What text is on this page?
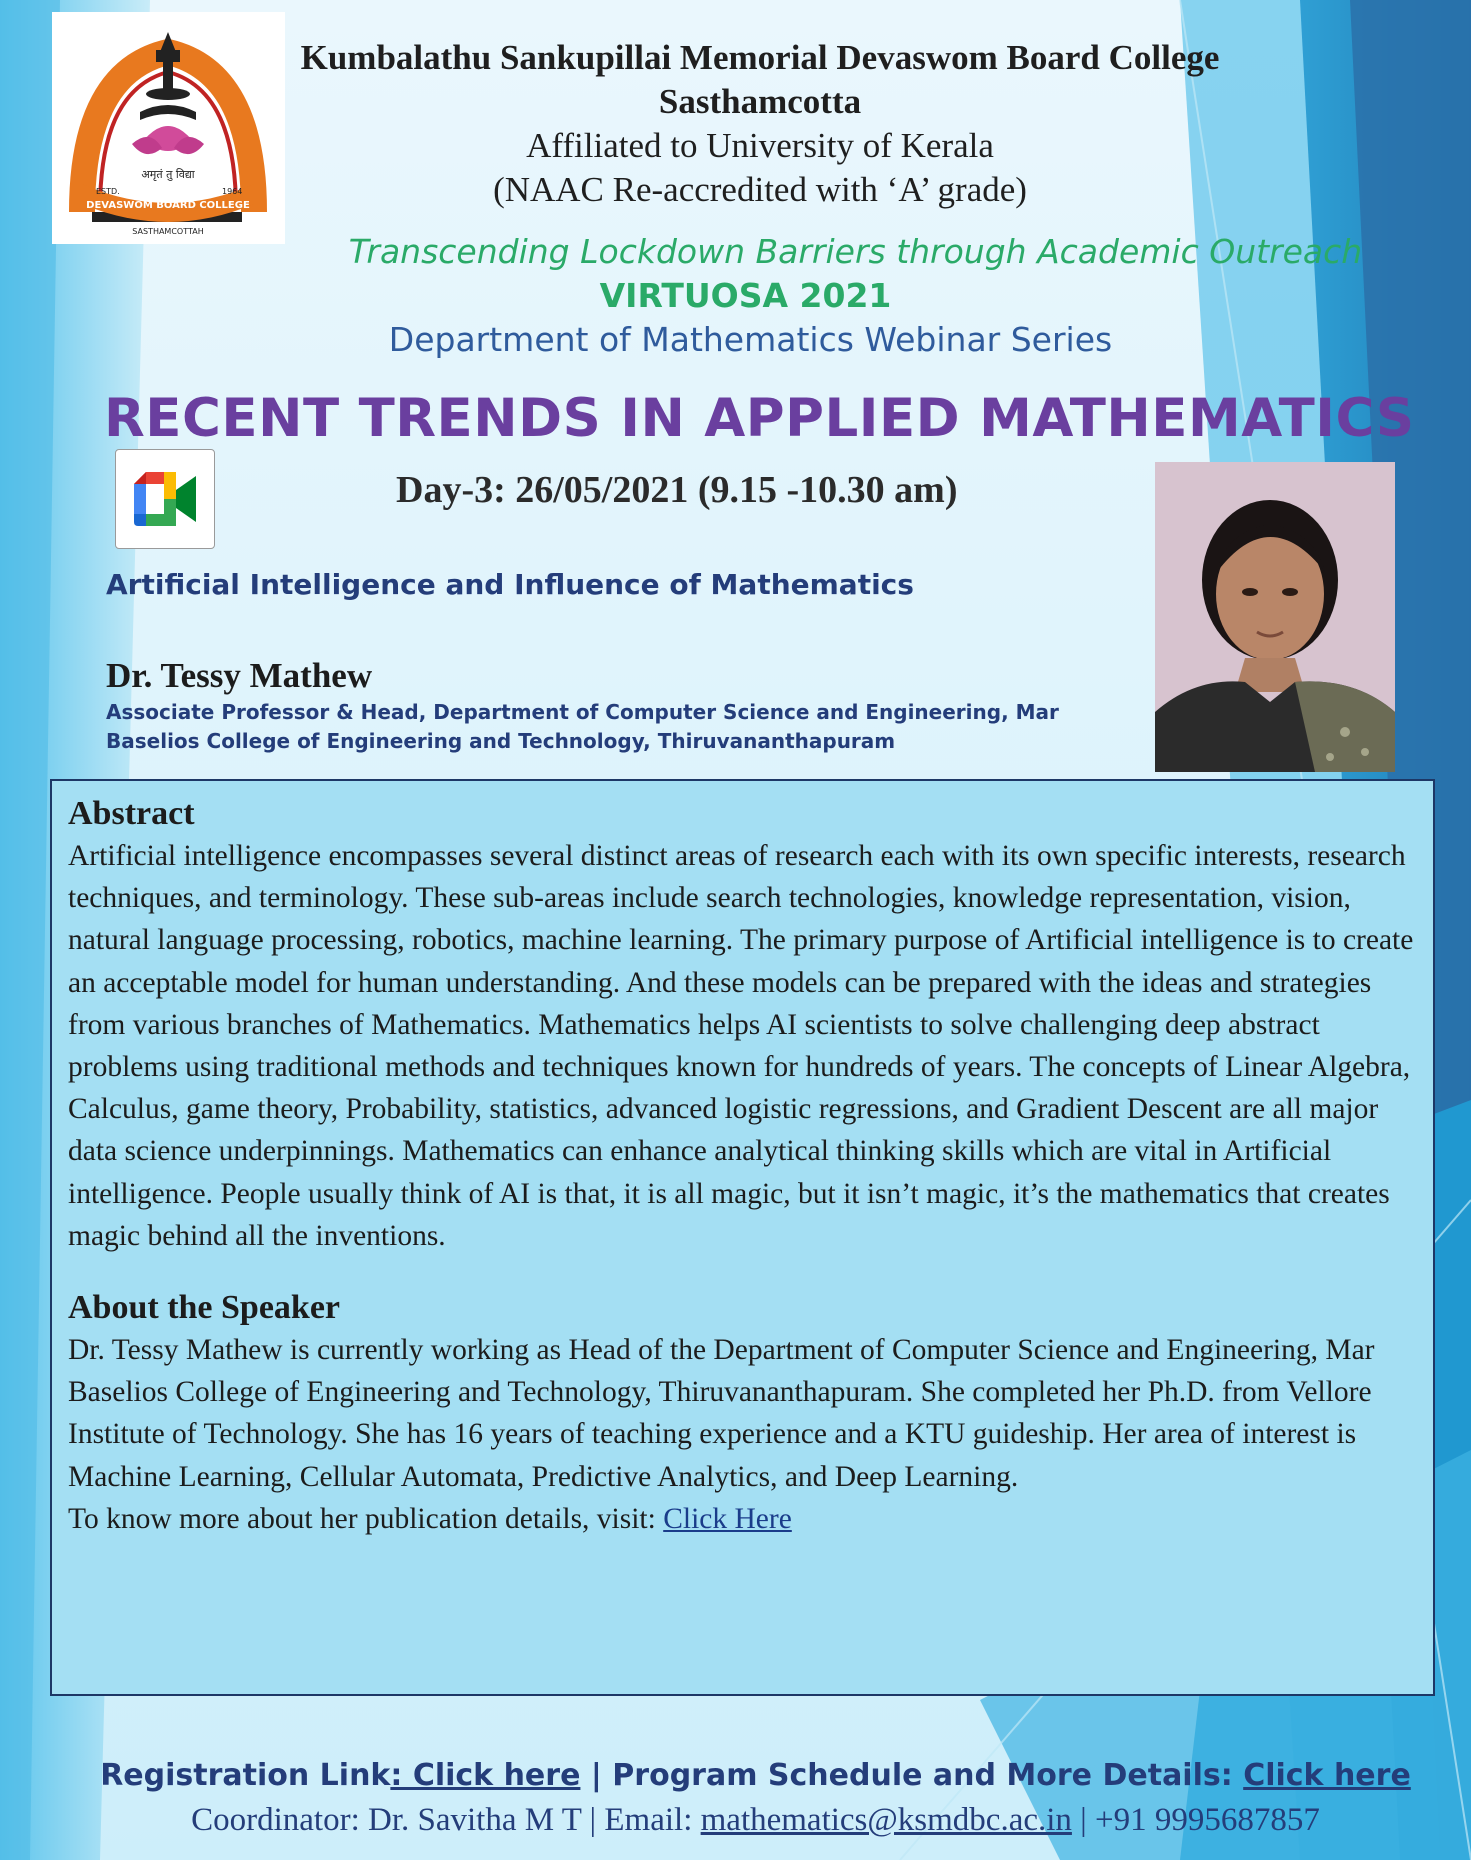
अमृतं तु विद्या
DEVASWOM BOARD COLLEGE
ESTD.	1964
SASTHAMCOTTAH
Kumbalathu Sankupillai Memorial Devaswom Board College
Sasthamcotta
Affiliated to University of Kerala
(NAAC Re-accredited with ‘A’ grade)
Transcending Lockdown Barriers through Academic Outreach
VIRTUOSA 2021
Department of Mathematics Webinar Series
RECENT TRENDS IN APPLIED MATHEMATICS
Day-3: 26/05/2021 (9.15 -10.30 am)
Artificial Intelligence and Influence of Mathematics
Dr. Tessy Mathew
Associate Professor & Head, Department of Computer Science and Engineering, Mar Baselios College of Engineering and Technology, Thiruvananthapuram
Abstract

Artificial intelligence encompasses several distinct areas of research each with its own specific interests, research techniques, and terminology. These sub-areas include search technologies, knowledge representation, vision, natural language processing, robotics, machine learning. The primary purpose of Artificial intelligence is to create an acceptable model for human understanding. And these models can be prepared with the ideas and strategies from various branches of Mathematics. Mathematics helps AI scientists to solve challenging deep abstract problems using traditional methods and techniques known for hundreds of years. The concepts of Linear Algebra, Calculus, game theory, Probability, statistics, advanced logistic regressions, and Gradient Descent are all major data science underpinnings. Mathematics can enhance analytical thinking skills which are vital in Artificial intelligence. People usually think of AI is that, it is all magic, but it isn’t magic, it’s the mathematics that creates magic behind all the inventions.

About the Speaker

Dr. Tessy Mathew is currently working as Head of the Department of Computer Science and Engineering, Mar Baselios College of Engineering and Technology, Thiruvananthapuram. She completed her Ph.D. from Vellore Institute of Technology. She has 16 years of teaching experience and a KTU guideship. Her area of interest is Machine Learning, Cellular Automata, Predictive Analytics, and Deep Learning.

To know more about her publication details, visit: Click Here

Registration Link: Click here | Program Schedule and More Details: Click here
Coordinator: Dr. Savitha M T | Email: mathematics@ksmdbc.ac.in | +91 9995687857
